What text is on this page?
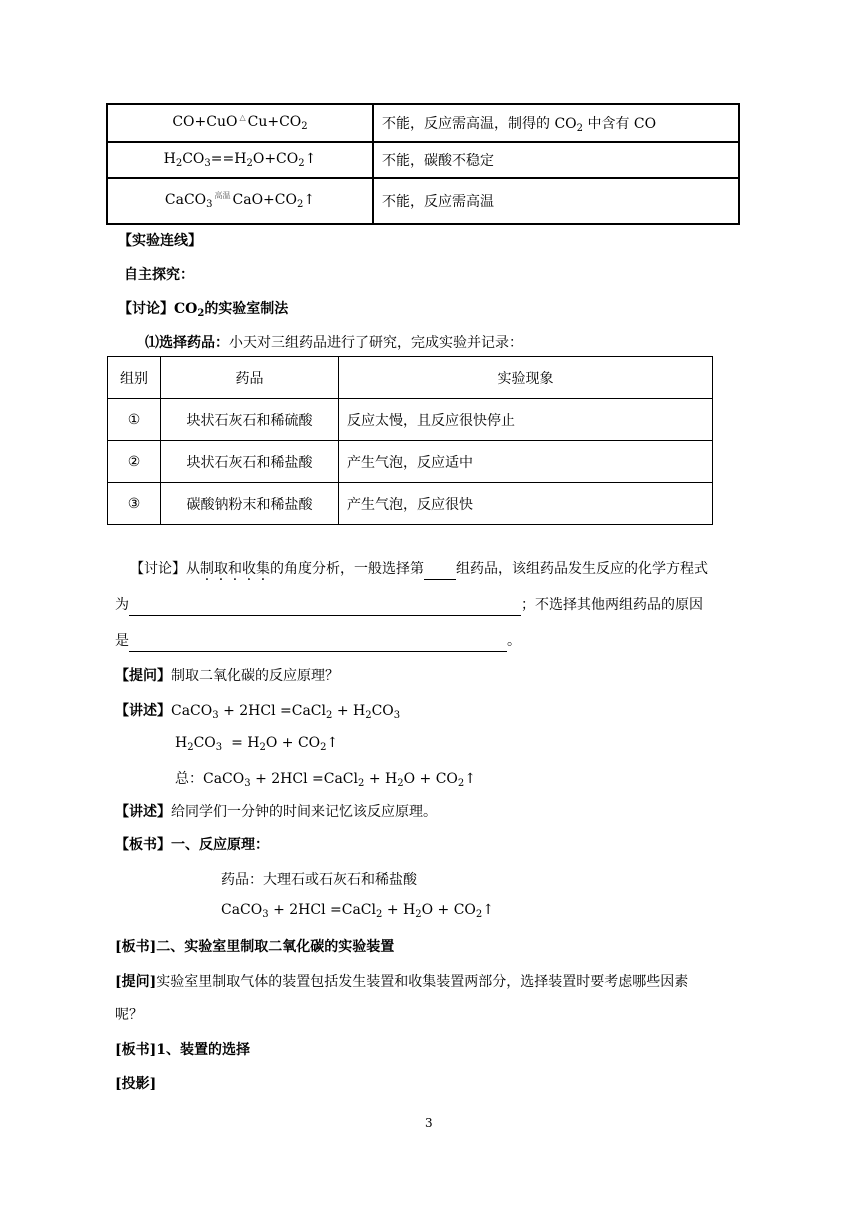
CO+CuO △ $Cu+CO_2$	不能，反应需高温，制得的 $CO_2$ 中含有 CO
$H_2CO_3==H_2O+CO_2↑$	不能，碳酸不稳定
CaCO$_3^{高温}$ $CaO+CO_2↑$	不能，反应需高温
【实验连线】
自主探究：
【讨论】$CO_2$的实验室制法
⑴选择药品：小天对三组药品进行了研究，完成实验并记录：
组别	药品	实验现象
①	块状石灰石和稀硫酸	反应太慢，且反应很快停止
②	块状石灰石和稀盐酸	产生气泡，反应适中
③	碳酸钠粉末和稀盐酸	产生气泡，反应很快
【讨论】从制取和收集的角度分析，一般选择第 组药品，该组药品发生反应的化学方程式
为	；不选择其他两组药品的原因
是	。
【提问】制取二氧化碳的反应原理？
【讲述】CaCO$_3$ + 2HCl =CaCl$_2$ + $H_2CO_3$
$H_2CO_3 = H_2O$ + $CO_2↑$
总：CaCO$_3$ + 2HCl =CaCl$_2$ + $H_2O$ + $CO_2↑$
【讲述】给同学们一分钟的时间来记忆该反应原理。
【板书】一、反应原理：
药品：大理石或石灰石和稀盐酸
CaCO$_3$ + 2HCl =CaCl$_2$ + $H_2O$ + $CO_2↑$
[板书]二、实验室里制取二氧化碳的实验装置
[提问]实验室里制取气体的装置包括发生装置和收集装置两部分，选择装置时要考虑哪些因素
呢？
[板书]1、装置的选择
[投影]
3
